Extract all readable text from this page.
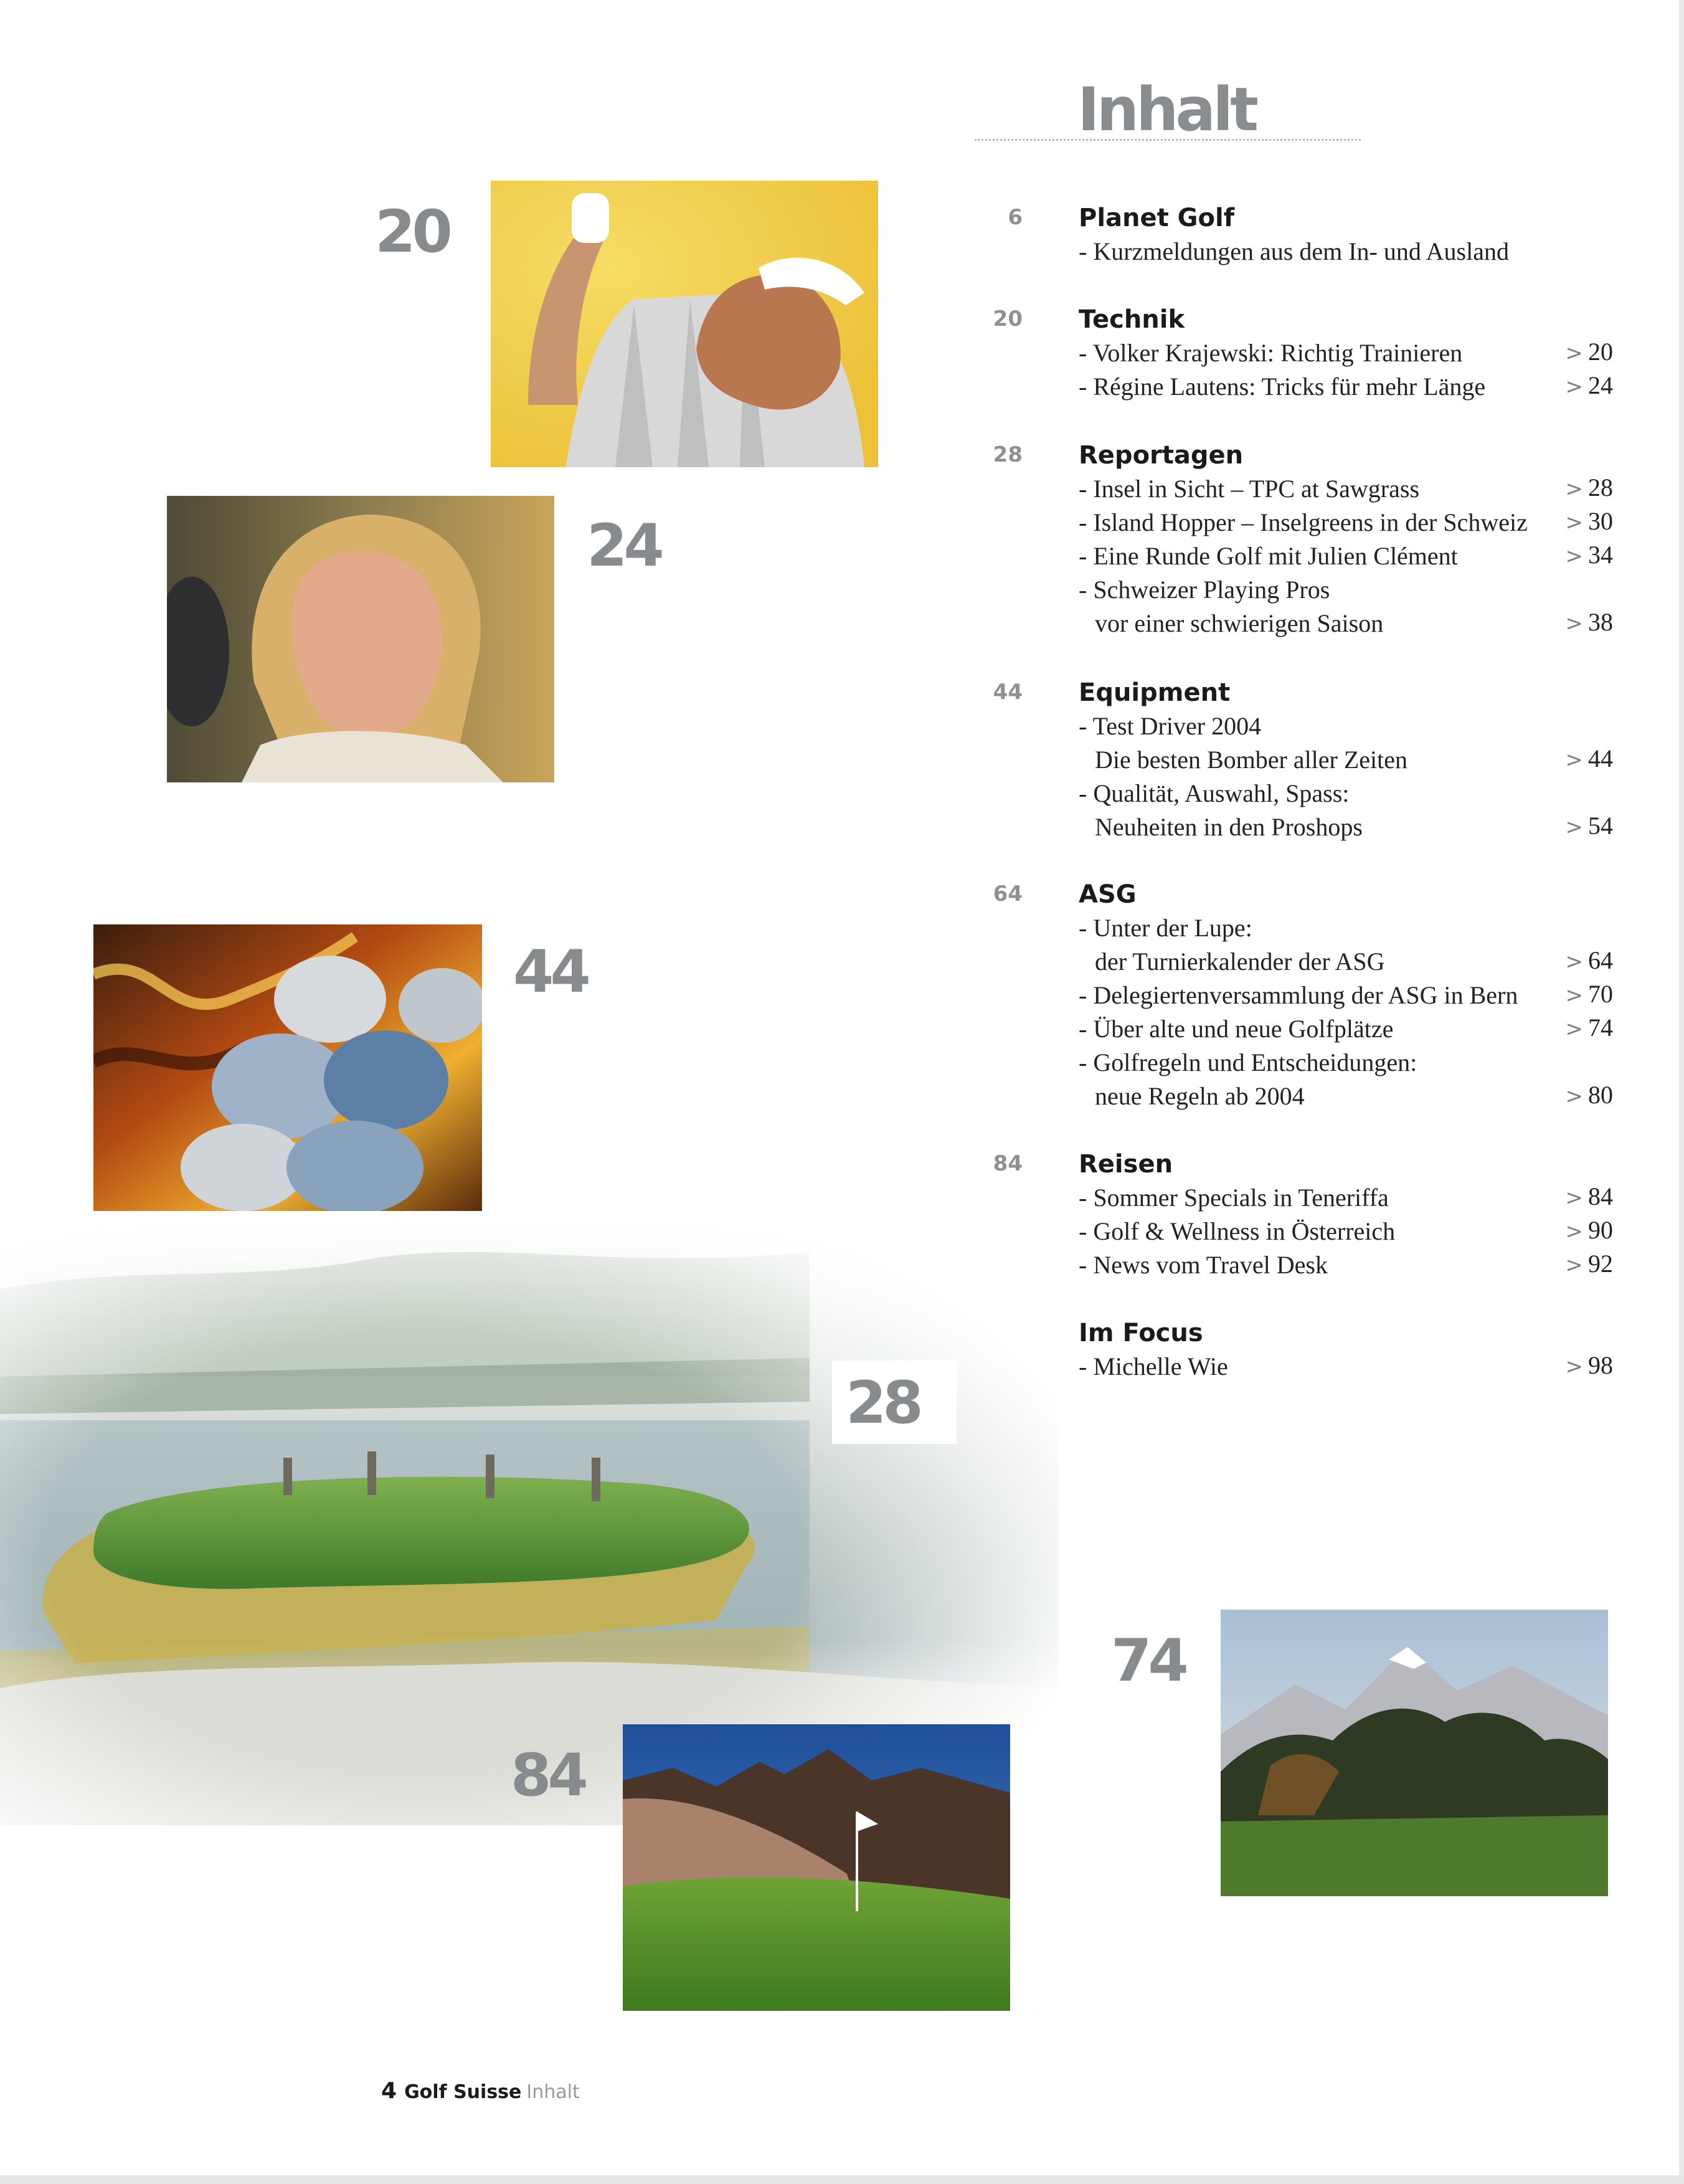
Inhalt
6 Planet Golf
- Kurzmeldungen aus dem In- und Ausland
20 Technik
- Volker Krajewski: Richtig Trainieren	> 20
- Régine Lautens: Tricks für mehr Länge	> 24
28 Reportagen
- Insel in Sicht – TPC at Sawgrass	> 28
- Island Hopper – Inselgreens in der Schweiz	> 30
- Eine Runde Golf mit Julien Clément	> 34
- Schweizer Playing Pros
vor einer schwierigen Saison	> 38
44 Equipment
- Test Driver 2004
Die besten Bomber aller Zeiten	> 44
- Qualität, Auswahl, Spass:
Neuheiten in den Proshops	> 54
64 ASG
- Unter der Lupe:
der Turnierkalender der ASG	> 64
- Delegiertenversammlung der ASG in Bern	> 70
- Über alte und neue Golfplätze	> 74
- Golfregeln und Entscheidungen:
neue Regeln ab 2004	> 80
84 Reisen
- Sommer Specials in Teneriffa	> 84
- Golf & Wellness in Österreich	> 90
- News vom Travel Desk	> 92
Im Focus
- Michelle Wie	> 98
20
24
44
28
84
74
4 Golf Suisse Inhalt
